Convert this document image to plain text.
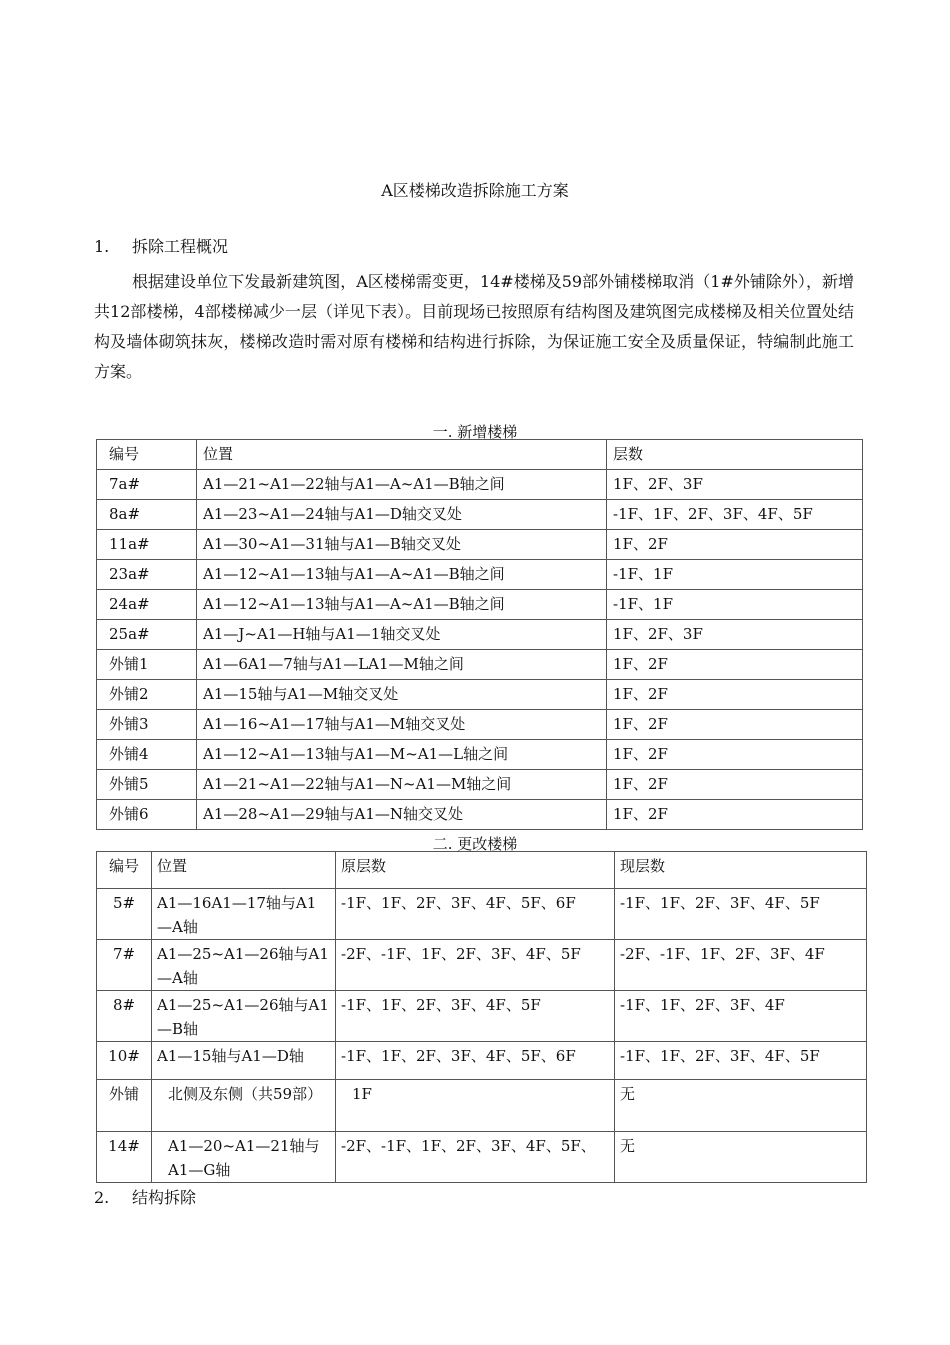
A区楼梯改造拆除施工方案
1. 拆除工程概况
根据建设单位下发最新建筑图，A区楼梯需变更，14#楼梯及59部外铺楼梯取消（1#外铺除外），新增共12部楼梯，4部楼梯减少一层（详见下表）。目前现场已按照原有结构图及建筑图完成楼梯及相关位置处结构及墙体砌筑抹灰，楼梯改造时需对原有楼梯和结构进行拆除，为保证施工安全及质量保证，特编制此施工方案。
一. 新增楼梯
编号	位置	层数
7a#	A1—21~A1—22轴与A1—A~A1—B轴之间	1F、2F、3F
8a#	A1—23~A1—24轴与A1—D轴交叉处	-1F、1F、2F、3F、4F、5F
11a#	A1—30~A1—31轴与A1—B轴交叉处	1F、2F
23a#	A1—12~A1—13轴与A1—A~A1—B轴之间	-1F、1F
24a#	A1—12~A1—13轴与A1—A~A1—B轴之间	-1F、1F
25a#	A1—J~A1—H轴与A1—1轴交叉处	1F、2F、3F
外铺1	A1—6A1—7轴与A1—LA1—M轴之间	1F、2F
外铺2	A1—15轴与A1—M轴交叉处	1F、2F
外铺3	A1—16~A1—17轴与A1—M轴交叉处	1F、2F
外铺4	A1—12~A1—13轴与A1—M~A1—L轴之间	1F、2F
外铺5	A1—21~A1—22轴与A1—N~A1—M轴之间	1F、2F
外铺6	A1—28~A1—29轴与A1—N轴交叉处	1F、2F
二. 更改楼梯
编号	位置	原层数	现层数
5#	A1—16A1—17轴与A1—A轴	-1F、1F、2F、3F、4F、5F、6F	-1F、1F、2F、3F、4F、5F
7#	A1—25~A1—26轴与A1—A轴	-2F、-1F、1F、2F、3F、4F、5F	-2F、-1F、1F、2F、3F、4F
8#	A1—25~A1—26轴与A1—B轴	-1F、1F、2F、3F、4F、5F	-1F、1F、2F、3F、4F
10#	A1—15轴与A1—D轴	-1F、1F、2F、3F、4F、5F、6F	-1F、1F、2F、3F、4F、5F
外铺	北侧及东侧（共59部）	1F	无
14#	A1—20~A1—21轴与A1—G轴	-2F、-1F、1F、2F、3F、4F、5F、	无
2. 结构拆除
